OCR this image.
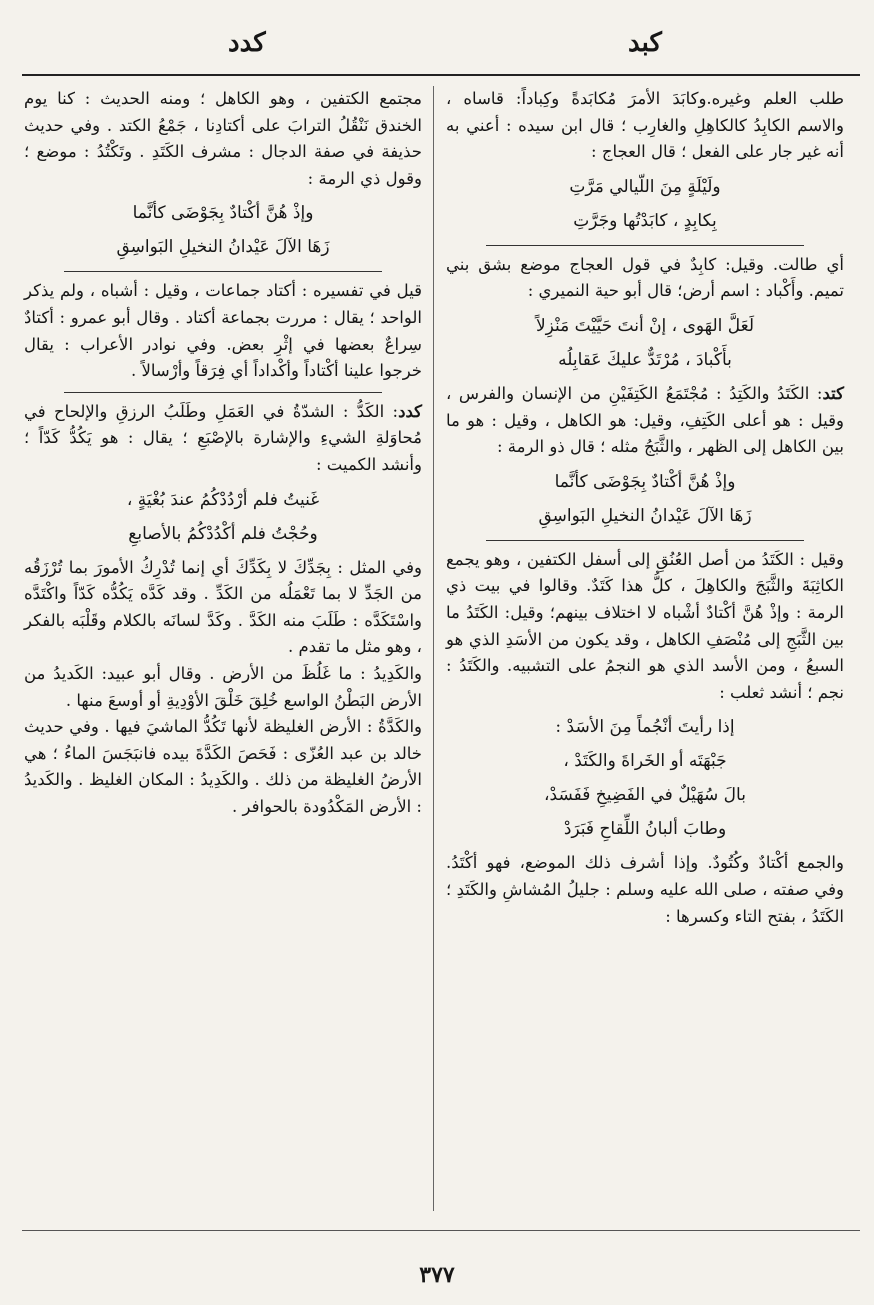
كبد
كدد

طلب العلم وغيره.وكابَدَ الأمرَ مُكابَدةً وكِباداً: قاساه ، والاسم الكابِدُ كالكاهِلِ والغارِب ؛ قال ابن سيده : أعني به أنه غير جار على الفعل ؛ قال العجاج :

ولَيْلَةٍ مِنَ اللّيالي مَرَّتِ
بِكابِدٍ ، كابَدْتُها وجَرَّتِ

أي طالت. وقيل: كابِدٌ في قول العجاج موضع بشق بني تميم. وأَكْباد : اسم أرض؛ قال أبو حية النميري :

لَعَلَّ الهَوى ، إنْ أنتَ حَيَّيْتَ مَنْزِلاً
بأَكْبادَ ، مُرْتَدٌّ عليكَ عَقابِلُه

كتد: الكَتَدُ والكَتِدُ : مُجْتَمَعُ الكَتِفَيْنِ من الإنسان والفرس ، وقيل : هو أعلى الكَتِفِ، وقيل: هو الكاهل ، وقيل : هو ما بين الكاهل إلى الظهر ، والثَّبَجُ مثله ؛ قال ذو الرمة :

وإذْ هُنَّ أكْتادٌ بِجَوْضَى كأنَّما
زَهَا الآلَ عَيْدانُ النخيلِ البَواسِقِ

وقيل : الكَتَدُ من أصل العُنُقِ إلى أسفل الكتفين ، وهو يجمع الكاثِبَةَ والثَّبَجَ والكاهِلَ ، كلُّ هذا كَتَدٌ. وقالوا في بيت ذي الرمة : وإذْ هُنَّ أكْتادٌ أشْباه لا اختلاف بينهم؛ وقيل: الكَتَدُ ما بين الثَّبَجِ إلى مُنْصَفِ الكاهل ، وقد يكون من الأسَدِ الذي هو السبعُ ، ومن الأسد الذي هو النجمُ على التشبيه. والكَتَدُ : نجم ؛ أنشد ثعلب :

إذا رأيتَ أنْجُماً مِنَ الأسَدْ :
جَبْهَتَه أو الخَراةَ والكَتَدْ ،
بالَ سُهَيْلٌ في الفَضِيخِ فَفَسَدْ،
وطابَ ألبانُ اللِّقاحِ فَبَرَدْ

والجمع أكْتادٌ وكُتُودٌ. وإذا أشرف ذلك الموضع، فهو أكْتَدُ. وفي صفته ، صلى الله عليه وسلم : جليلُ المُشاشِ والكَتَدِ ؛ الكَتَدُ ، بفتح التاء وكسرها :

مجتمع الكتفين ، وهو الكاهل ؛ ومنه الحديث : كنا يوم الخندق نَنْقُلُ الترابَ على أكتادِنا ، جَمْعُ الكتد . وفي حديث حذيفة في صفة الدجال : مشرف الكَتَدِ . وتَكْتُدُ : موضع ؛ وقول ذي الرمة :

وإذْ هُنَّ أكْتادٌ بِجَوْضَى كأنَّما
زَهَا الآلَ عَيْدانُ النخيلِ البَواسِقِ

قيل في تفسيره : أكتاد جماعات ، وقيل : أشباه ، ولم يذكر الواحد ؛ يقال : مررت بجماعة أكتاد . وقال أبو عمرو : أكتادٌ سِراعٌ بعضها في إثْرِ بعض. وفي نوادر الأعراب : يقال خرجوا علينا أكْتاداً وأكْداداً أي فِرَقاً وأرْسالاً .

كدد: الكَدُّ : الشدّةُ في العَمَلِ وطَلَبُ الرزقِ والإلحاح في مُحاوَلةِ الشيءِ والإشارة بالإصْبَعِ ؛ يقال : هو يَكُدُّ كَدّاً ؛ وأنشد الكميت :

غَنيتُ فلم أرْدُدْكُمُ عندَ بُغْيَةٍ ،
وحُجْتُ فلم أكْدُدْكُمُ بالأصابعِ

وفي المثل : بِجَدِّكَ لا بِكَدِّكَ أي إنما تُدْرِكُ الأمورَ بما تُرْزَقُه من الجَدِّ لا بما تَعْمَلُه من الكَدِّ . وقد كَدَّه يَكُدُّه كَدّاً واكْتَدَّه واسْتَكَدَّه : طَلَبَ منه الكَدَّ . وكَدَّ لسانَه بالكلام وقَلْبَه بالفكر ، وهو مثل ما تقدم .

والكَدِيدُ : ما غَلُظَ من الأرض . وقال أبو عبيد: الكَديدُ من الأرض البَطْنُ الواسع خُلِقَ خَلْقَ الأوْدِيةِ أو أوسعَ منها .

والكَدَّةُ : الأرض الغليظة لأنها تَكُدُّ الماشيَ فيها . وفي حديث خالد بن عبد العُزّى : فَحَصَ الكَدَّةَ بيده فانبَجَسَ الماءُ ؛ هي الأرضُ الغليظة من ذلك . والكَدِيدُ : المكان الغليظ . والكَديدُ : الأرض المَكْدُودة بالحوافر .

٣٧٧
